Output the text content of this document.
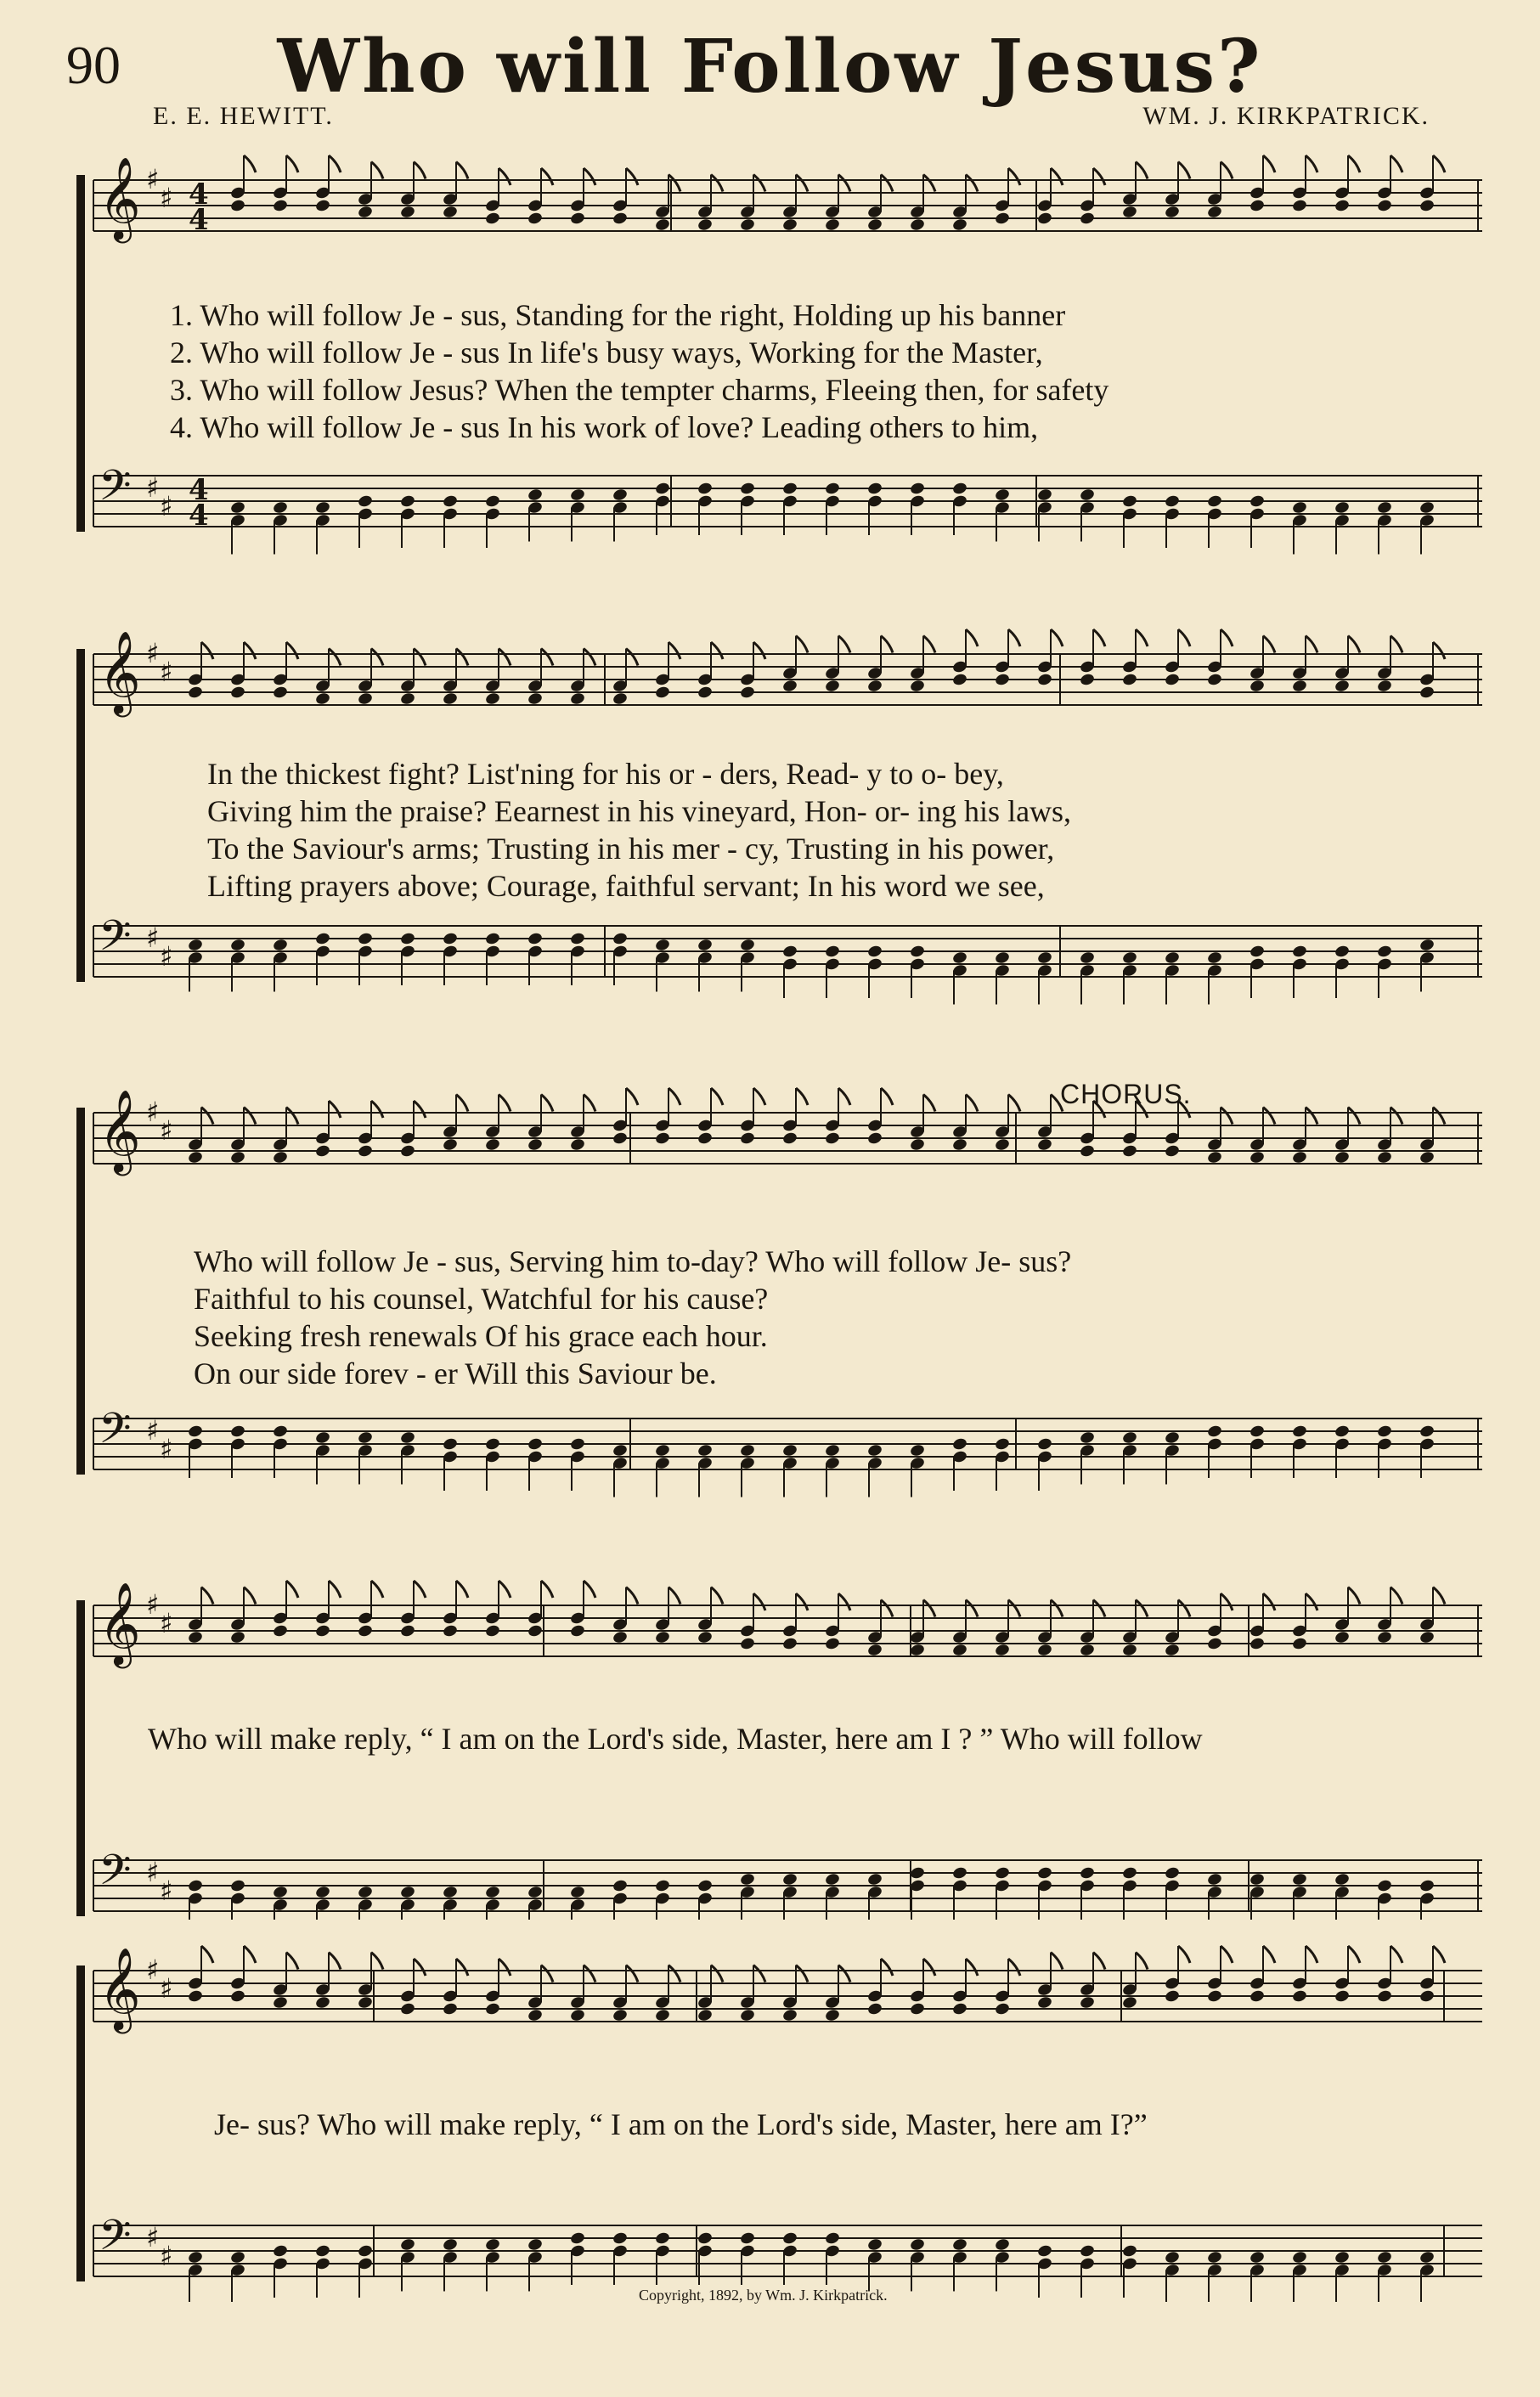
90	Who will Follow Jesus?
E. E. HEWITT.	WM. J. KIRKPATRICK.
𝄞 ♯
♯ 4
4
𝄢 ♯
♯ 4
4
1. Who will follow Je - sus, Standing for the right, Holding up his banner
2. Who will follow Je - sus In life's busy ways, Working for the Master,
3. Who will follow Jesus? When the tempter charms, Fleeing then, for safety
4. Who will follow Je - sus In his work of love? Leading others to him,
𝄞 ♯
♯
𝄢 ♯
♯
In the thickest fight? List'ning for his or - ders, Read- y to o- bey,
Giving him the praise? Eearnest in his vineyard, Hon- or- ing his laws,
To the Saviour's arms; Trusting in his mer - cy, Trusting in his power,
Lifting prayers above; Courage, faithful servant; In his word we see,
𝄞 ♯
♯
𝄢 ♯
♯
CHORUS.
Who will follow Je - sus, Serving him to-day? Who will follow Je- sus?
Faithful to his counsel, Watchful for his cause?
Seeking fresh renewals Of his grace each hour.
On our side forev - er Will this Saviour be.
𝄞 ♯
♯
𝄢 ♯
♯
Who will make reply, “ I am on the Lord's side, Master, here am I ? ” Who will follow
𝄞 ♯
♯
𝄢 ♯
♯
Je- sus? Who will make reply, “ I am on the Lord's side, Master, here am I?”
Copyright, 1892, by Wm. J. Kirkpatrick.
